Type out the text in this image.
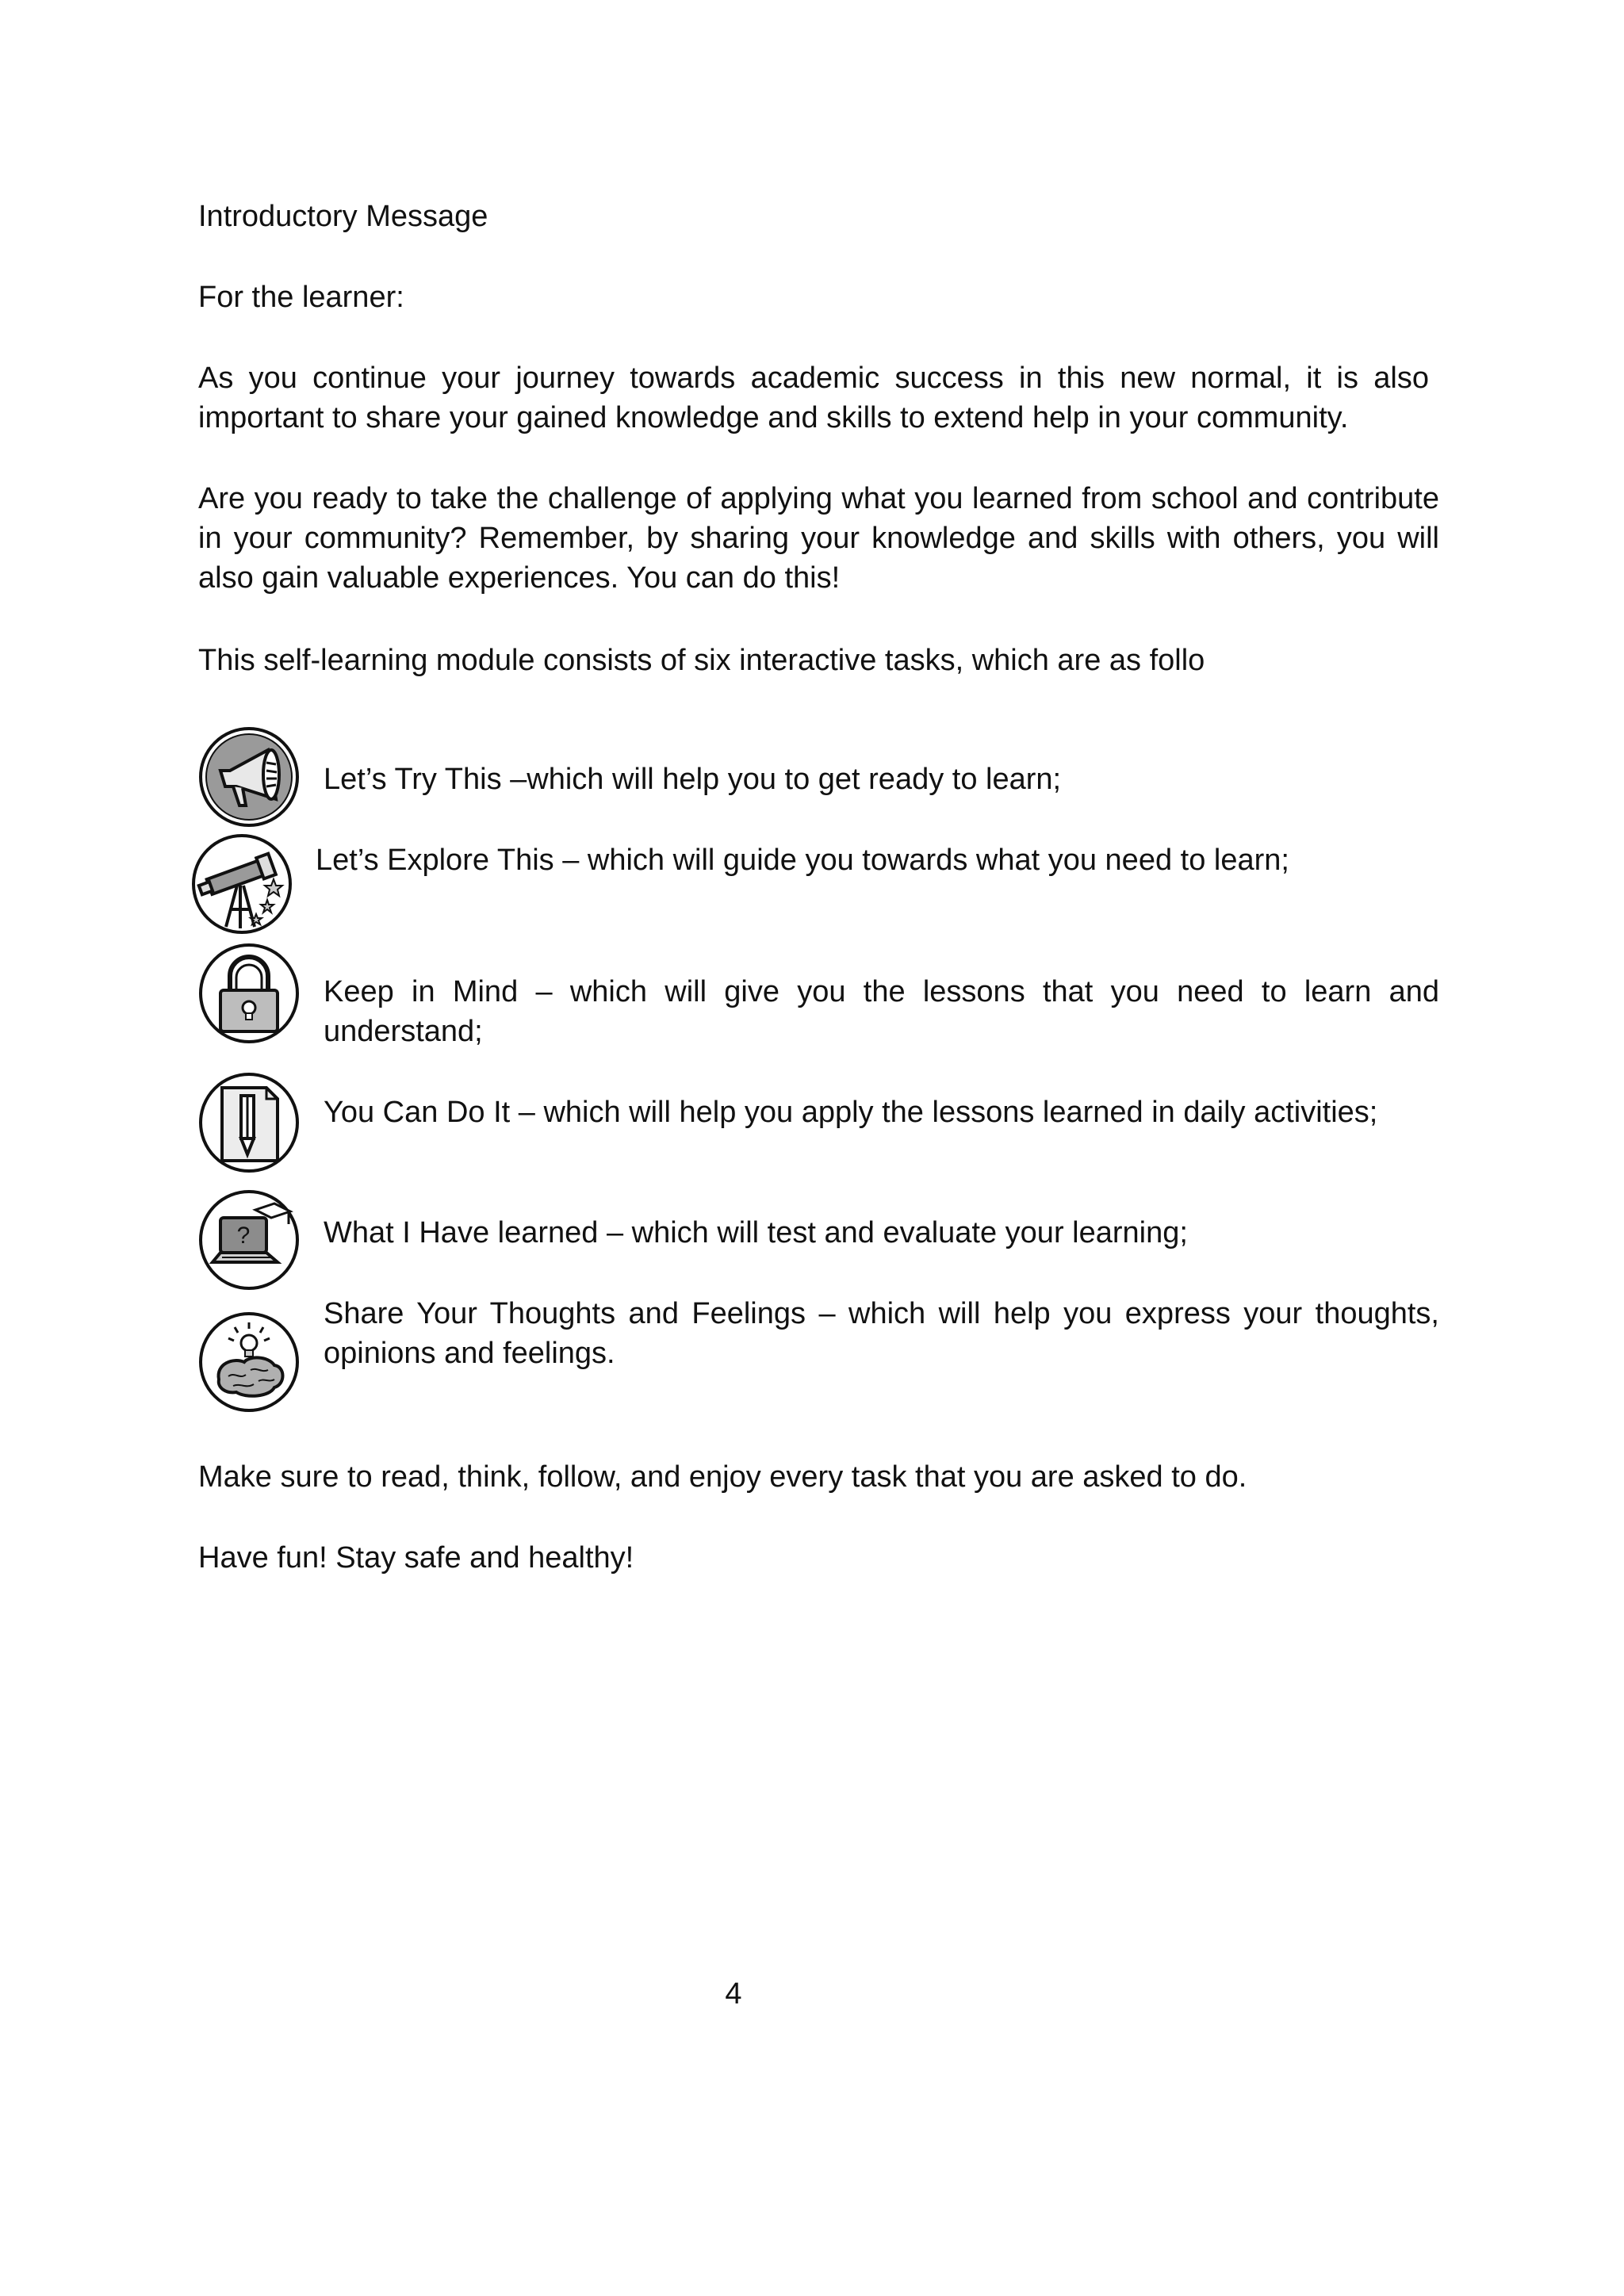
Introductory Message
For the learner:
As you continue your journey towards academic success in this new normal, it is also important to share your gained knowledge and skills to extend help in your community.
Are you ready to take the challenge of applying what you learned from school and contribute in your community? Remember, by sharing your knowledge and skills with others, you will also gain valuable experiences. You can do this!
This self-learning module consists of six interactive tasks, which are as follo
Let’s Try This –which will help you to get ready to learn;
Let’s Explore This – which will guide you towards what you need to learn;
Keep in Mind – which will give you the lessons that you need to learn and understand;
You Can Do It – which will help you apply the lessons learned in daily activities;
? What I Have learned – which will test and evaluate your learning;
Share Your Thoughts and Feelings – which will help you express your thoughts, opinions and feelings.
Make sure to read, think, follow, and enjoy every task that you are asked to do.
Have fun! Stay safe and healthy!
4
